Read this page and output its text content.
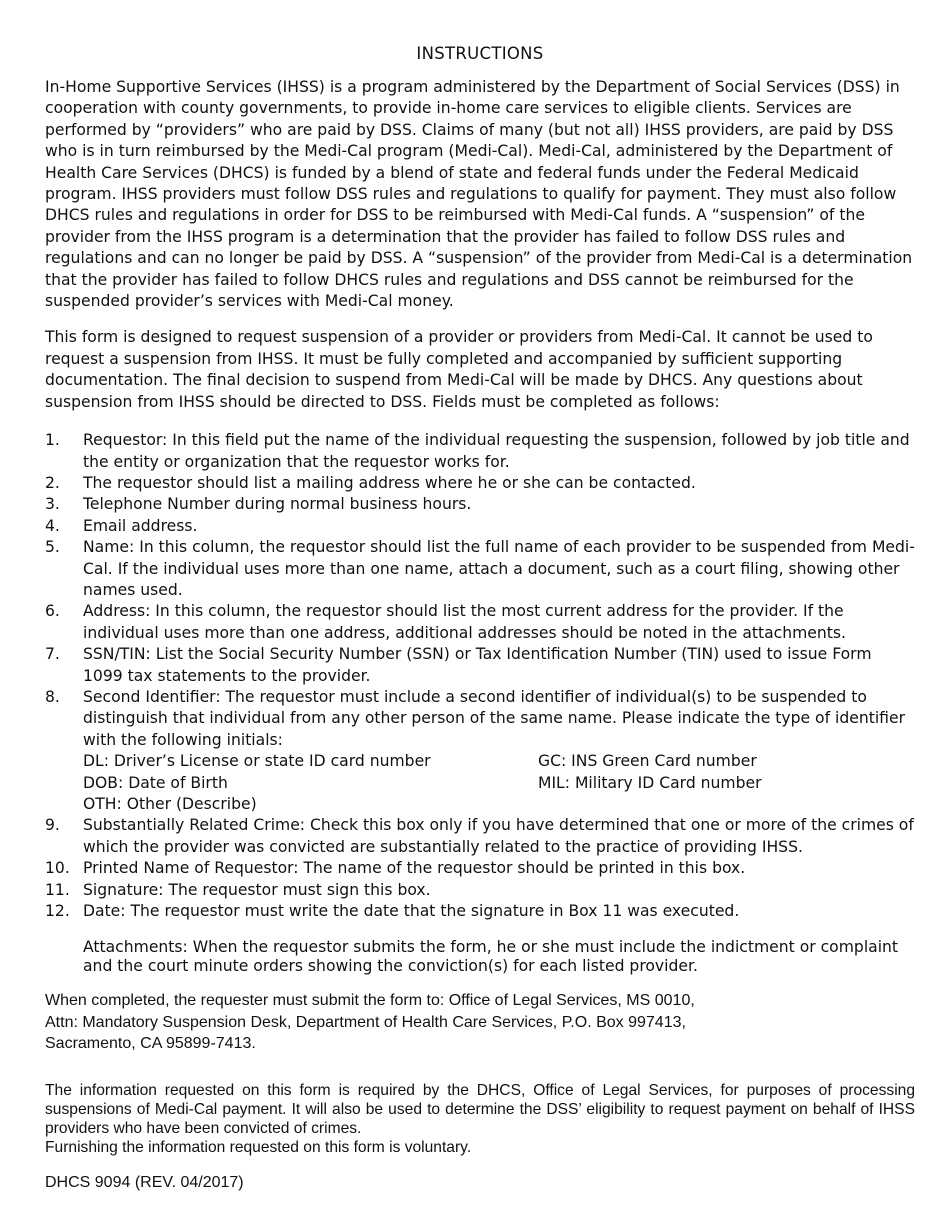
INSTRUCTIONS

In-Home Supportive Services (IHSS) is a program administered by the Department of Social Services (DSS) in cooperation with county governments, to provide in-home care services to eligible clients. Services are performed by “providers” who are paid by DSS. Claims of many (but not all) IHSS providers, are paid by DSS who is in turn reimbursed by the Medi-Cal program (Medi-Cal). Medi-Cal, administered by the Department of Health Care Services (DHCS) is funded by a blend of state and federal funds under the Federal Medicaid program. IHSS providers must follow DSS rules and regulations to qualify for payment. They must also follow DHCS rules and regulations in order for DSS to be reimbursed with Medi-Cal funds. A “suspension” of the provider from the IHSS program is a determination that the provider has failed to follow DSS rules and regulations and can no longer be paid by DSS. A “suspension” of the provider from Medi-Cal is a determination that the provider has failed to follow DHCS rules and regulations and DSS cannot be reimbursed for the suspended provider’s services with Medi-Cal money.

This form is designed to request suspension of a provider or providers from Medi-Cal. It cannot be used to request a suspension from IHSS. It must be fully completed and accompanied by sufficient supporting documentation. The final decision to suspend from Medi-Cal will be made by DHCS. Any questions about suspension from IHSS should be directed to DSS. Fields must be completed as follows:

1. Requestor: In this field put the name of the individual requesting the suspension, followed by job title and the entity or organization that the requestor works for.
2. The requestor should list a mailing address where he or she can be contacted.
3. Telephone Number during normal business hours.
4. Email address.
5. Name: In this column, the requestor should list the full name of each provider to be suspended from Medi-Cal. If the individual uses more than one name, attach a document, such as a court filing, showing other names used.
6. Address: In this column, the requestor should list the most current address for the provider. If the individual uses more than one address, additional addresses should be noted in the attachments.
7. SSN/TIN: List the Social Security Number (SSN) or Tax Identification Number (TIN) used to issue Form 1099 tax statements to the provider.
8. Second Identifier: The requestor must include a second identifier of individual(s) to be suspended to distinguish that individual from any other person of the same name. Please indicate the type of identifier with the following initials:
DL: Driver’s License or state ID card number	GC: INS Green Card number
DOB: Date of Birth	MIL: Military ID Card number
OTH: Other (Describe)
9. Substantially Related Crime: Check this box only if you have determined that one or more of the crimes of which the provider was convicted are substantially related to the practice of providing IHSS.
10. Printed Name of Requestor: The name of the requestor should be printed in this box.
11. Signature: The requestor must sign this box.
12. Date: The requestor must write the date that the signature in Box 11 was executed.

Attachments: When the requestor submits the form, he or she must include the indictment or complaint and the court minute orders showing the conviction(s) for each listed provider.

When completed, the requester must submit the form to: Office of Legal Services, MS 0010,
Attn: Mandatory Suspension Desk, Department of Health Care Services, P.O. Box 997413,
Sacramento, CA 95899-7413.
The information requested on this form is required by the DHCS, Office of Legal Services, for purposes of processing suspensions of Medi-Cal payment. It will also be used to determine the DSS’ eligibility to request payment on behalf of IHSS providers who have been convicted of crimes.
Furnishing the information requested on this form is voluntary.
DHCS 9094 (REV. 04/2017)
